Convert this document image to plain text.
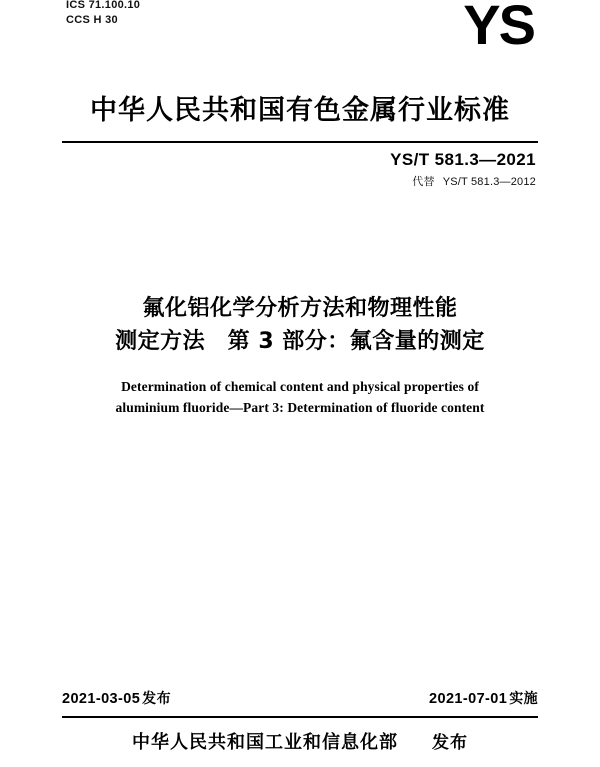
ICS 71.100.10
CCS H 30	YS
中华人民共和国有色金属行业标准
YS/T 581.3—2021
代替 YS/T 581.3—2012
氟化铝化学分析方法和物理性能
测定方法　第 3 部分：氟含量的测定
Determination of chemical content and physical properties of
aluminium fluoride—Part 3: Determination of fluoride content
2021-03-05 发布	2021-07-01 实施
中华人民共和国工业和信息化部 发布
